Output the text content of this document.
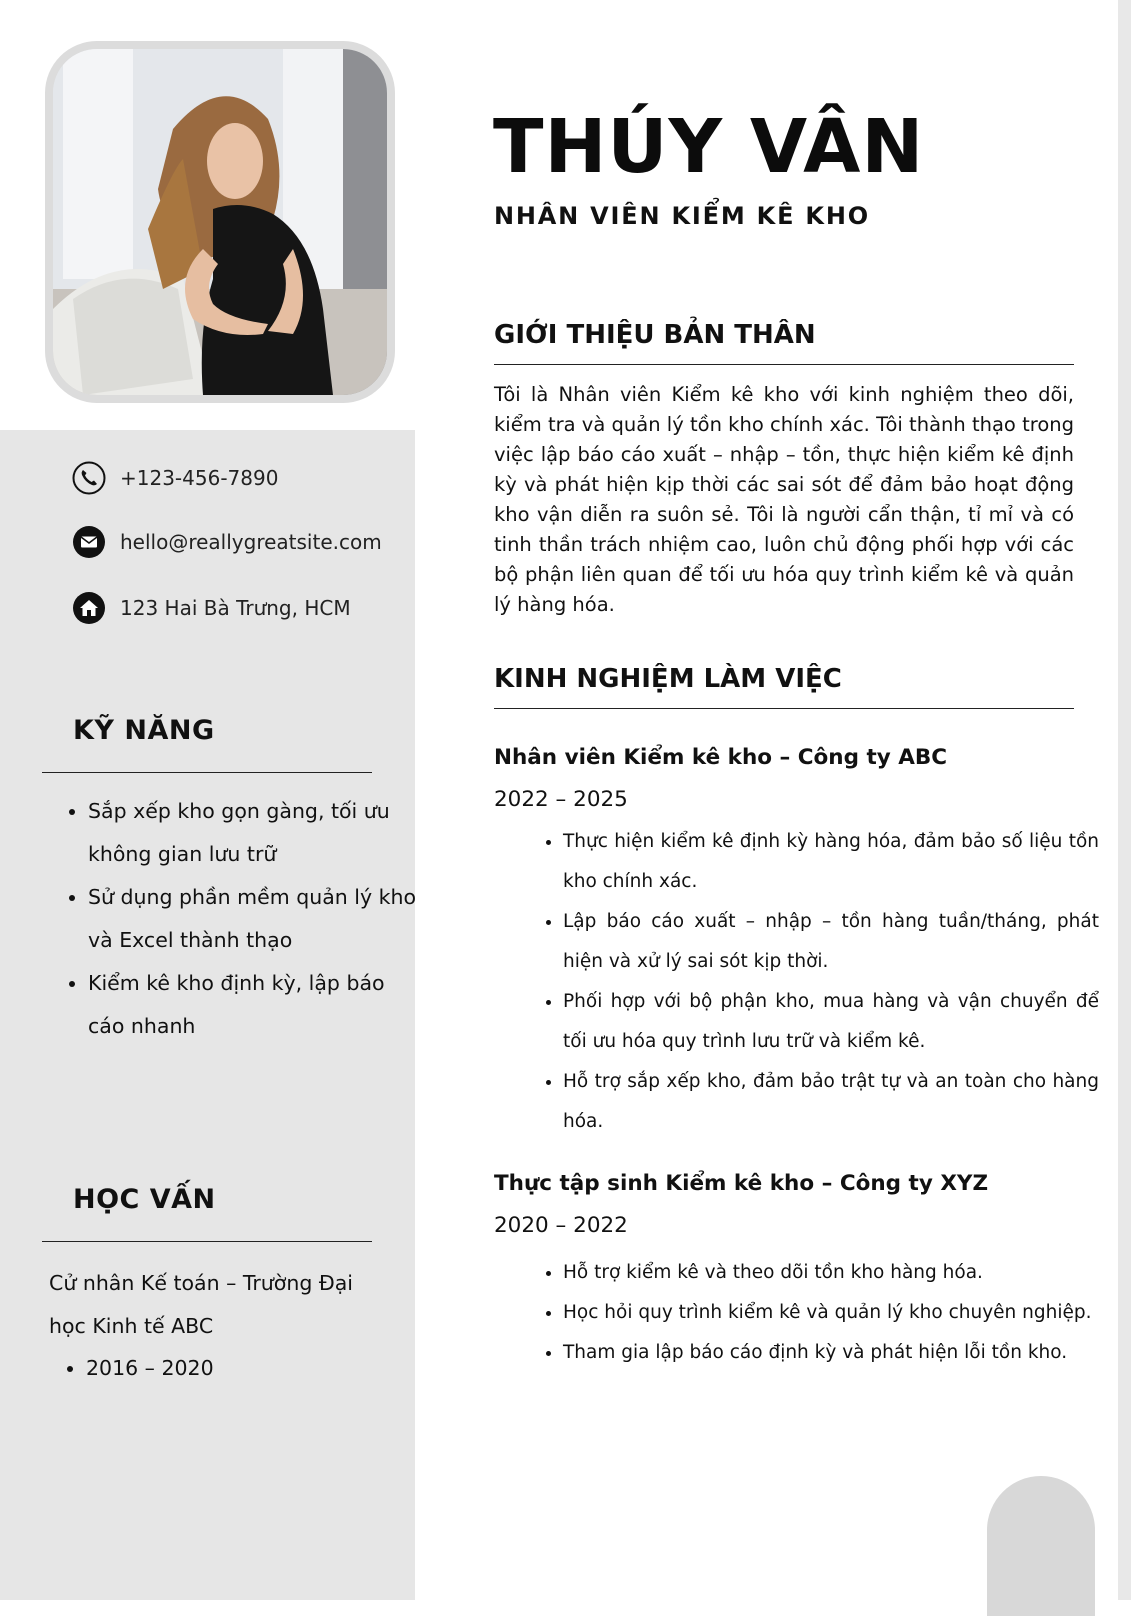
+123-456-7890
hello@reallygreatsite.com
123 Hai Bà Trưng, HCM
KỸ NĂNG
• Sắp xếp kho gọn gàng, tối ưu không gian lưu trữ
• Sử dụng phần mềm quản lý kho và Excel thành thạo
• Kiểm kê kho định kỳ, lập báo cáo nhanh
HỌC VẤN
Cử nhân Kế toán – Trường Đại học Kinh tế ABC
• 2016 – 2020
THÚY VÂN
NHÂN VIÊN KIỂM KÊ KHO
GIỚI THIỆU BẢN THÂN
Tôi là Nhân viên Kiểm kê kho với kinh nghiệm theo dõi, kiểm tra và quản lý tồn kho chính xác. Tôi thành thạo trong việc lập báo cáo xuất – nhập – tồn, thực hiện kiểm kê định kỳ và phát hiện kịp thời các sai sót để đảm bảo hoạt động kho vận diễn ra suôn sẻ. Tôi là người cẩn thận, tỉ mỉ và có tinh thần trách nhiệm cao, luôn chủ động phối hợp với các bộ phận liên quan để tối ưu hóa quy trình kiểm kê và quản lý hàng hóa.
KINH NGHIỆM LÀM VIỆC
Nhân viên Kiểm kê kho – Công ty ABC
2022 – 2025
• Thực hiện kiểm kê định kỳ hàng hóa, đảm bảo số liệu tồn kho chính xác.
• Lập báo cáo xuất – nhập – tồn hàng tuần/tháng, phát hiện và xử lý sai sót kịp thời.
• Phối hợp với bộ phận kho, mua hàng và vận chuyển để tối ưu hóa quy trình lưu trữ và kiểm kê.
• Hỗ trợ sắp xếp kho, đảm bảo trật tự và an toàn cho hàng hóa.
Thực tập sinh Kiểm kê kho – Công ty XYZ
2020 – 2022
• Hỗ trợ kiểm kê và theo dõi tồn kho hàng hóa.
• Học hỏi quy trình kiểm kê và quản lý kho chuyên nghiệp.
• Tham gia lập báo cáo định kỳ và phát hiện lỗi tồn kho.
